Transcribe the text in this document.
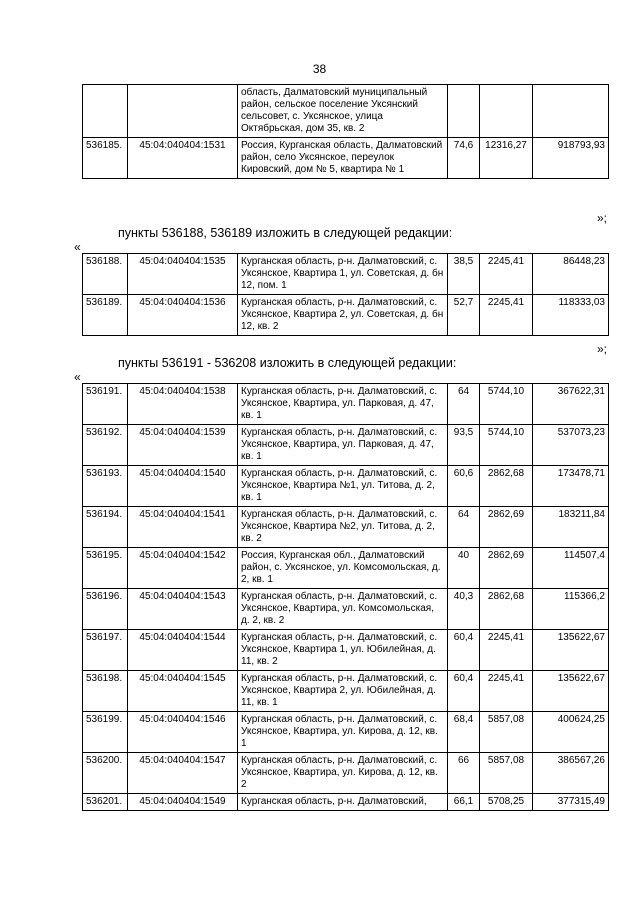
38
		область, Далматовский муниципальный район, сельское поселение Уксянский сельсовет, с. Уксянское, улица Октябрьская, дом 35, кв. 2			
536185.	45:04:040404:1531	Россия, Курганская область, Далматовский район, село Уксянское, переулок Кировский, дом № 5, квартира № 1	74,6	12316,27	918793,93
»;
пункты 536188, 536189 изложить в следующей редакции:
«
536188.	45:04:040404:1535	Курганская область, р-н. Далматовский, с. Уксянское, Квартира 1, ул. Советская, д. бн 12, пом. 1	38,5	2245,41	86448,23
536189.	45:04:040404:1536	Курганская область, р-н. Далматовский, с. Уксянское, Квартира 2, ул. Советская, д. бн 12, кв. 2	52,7	2245,41	118333,03
»;
пункты 536191 - 536208 изложить в следующей редакции:
«
536191.	45:04:040404:1538	Курганская область, р-н. Далматовский, с. Уксянское, Квартира, ул. Парковая, д. 47, кв. 1	64	5744,10	367622,31
536192.	45:04:040404:1539	Курганская область, р-н. Далматовский, с. Уксянское, Квартира, ул. Парковая, д. 47, кв. 1	93,5	5744,10	537073,23
536193.	45:04:040404:1540	Курганская область, р-н. Далматовский, с. Уксянское, Квартира №1, ул. Титова, д. 2, кв. 1	60,6	2862,68	173478,71
536194.	45:04:040404:1541	Курганская область, р-н. Далматовский, с. Уксянское, Квартира №2, ул. Титова, д. 2, кв. 2	64	2862,69	183211,84
536195.	45:04:040404:1542	Россия, Курганская обл., Далматовский район, с. Уксянское, ул. Комсомольская, д. 2, кв. 1	40	2862,69	114507,4
536196.	45:04:040404:1543	Курганская область, р-н. Далматовский, с. Уксянское, Квартира, ул. Комсомольская, д. 2, кв. 2	40,3	2862,68	115366,2
536197.	45:04:040404:1544	Курганская область, р-н. Далматовский, с. Уксянское, Квартира 1, ул. Юбилейная, д. 11, кв. 2	60,4	2245,41	135622,67
536198.	45:04:040404:1545	Курганская область, р-н. Далматовский, с. Уксянское, Квартира 2, ул. Юбилейная, д. 11, кв. 1	60,4	2245,41	135622,67
536199.	45:04:040404:1546	Курганская область, р-н. Далматовский, с. Уксянское, Квартира, ул. Кирова, д. 12, кв. 1	68,4	5857,08	400624,25
536200.	45:04:040404:1547	Курганская область, р-н. Далматовский, с. Уксянское, Квартира, ул. Кирова, д. 12, кв. 2	66	5857,08	386567,26
536201.	45:04:040404:1549	Курганская область, р-н. Далматовский,	66,1	5708,25	377315,49
